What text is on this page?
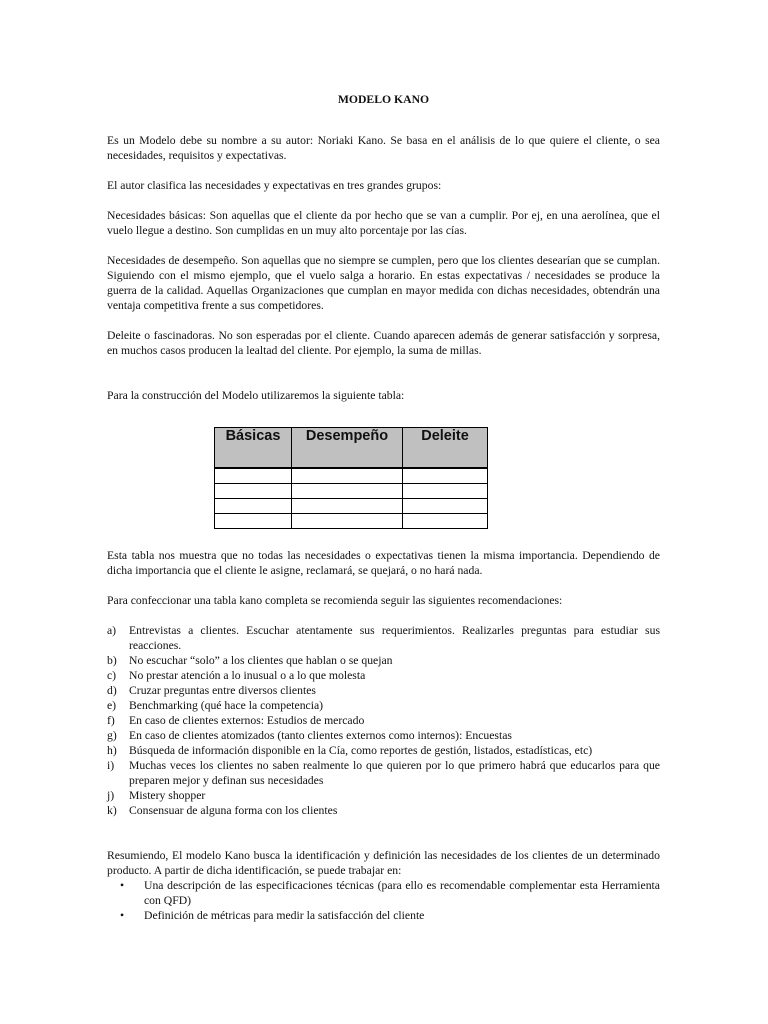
MODELO KANO

Es un Modelo debe su nombre a su autor: Noriaki Kano. Se basa en el análisis de lo que quiere el cliente, o sea necesidades, requisitos y expectativas.

El autor clasifica las necesidades y expectativas en tres grandes grupos:

Necesidades básicas: Son aquellas que el cliente da por hecho que se van a cumplir. Por ej, en una aerolínea, que el vuelo llegue a destino. Son cumplidas en un muy alto porcentaje por las cías.

Necesidades de desempeño. Son aquellas que no siempre se cumplen, pero que los clientes desearían que se cumplan. Siguiendo con el mismo ejemplo, que el vuelo salga a horario. En estas expectativas / necesidades se produce la guerra de la calidad. Aquellas Organizaciones que cumplan en mayor medida con dichas necesidades, obtendrán una ventaja competitiva frente a sus competidores.

Deleite o fascinadoras. No son esperadas por el cliente. Cuando aparecen además de generar satisfacción y sorpresa, en muchos casos producen la lealtad del cliente. Por ejemplo, la suma de millas.

Para la construcción del Modelo utilizaremos la siguiente tabla:

Básicas	Desempeño	Deleite

Esta tabla nos muestra que no todas las necesidades o expectativas tienen la misma importancia. Dependiendo de dicha importancia que el cliente le asigne, reclamará, se quejará, o no hará nada.

Para confeccionar una tabla kano completa se recomienda seguir las siguientes recomendaciones:

a) Entrevistas a clientes. Escuchar atentamente sus requerimientos. Realizarles preguntas para estudiar sus reacciones.
b) No escuchar “solo” a los clientes que hablan o se quejan
c) No prestar atención a lo inusual o a lo que molesta
d) Cruzar preguntas entre diversos clientes
e) Benchmarking (qué hace la competencia)
f) En caso de clientes externos: Estudios de mercado
g) En caso de clientes atomizados (tanto clientes externos como internos): Encuestas
h) Búsqueda de información disponible en la Cía, como reportes de gestión, listados, estadísticas, etc)
i) Muchas veces los clientes no saben realmente lo que quieren por lo que primero habrá que educarlos para que preparen mejor y definan sus necesidades
j) Mistery shopper
k) Consensuar de alguna forma con los clientes

Resumiendo, El modelo Kano busca la identificación y definición las necesidades de los clientes de un determinado producto. A partir de dicha identificación, se puede trabajar en:

• Una descripción de las especificaciones técnicas (para ello es recomendable complementar esta Herramienta con QFD)
• Definición de métricas para medir la satisfacción del cliente
